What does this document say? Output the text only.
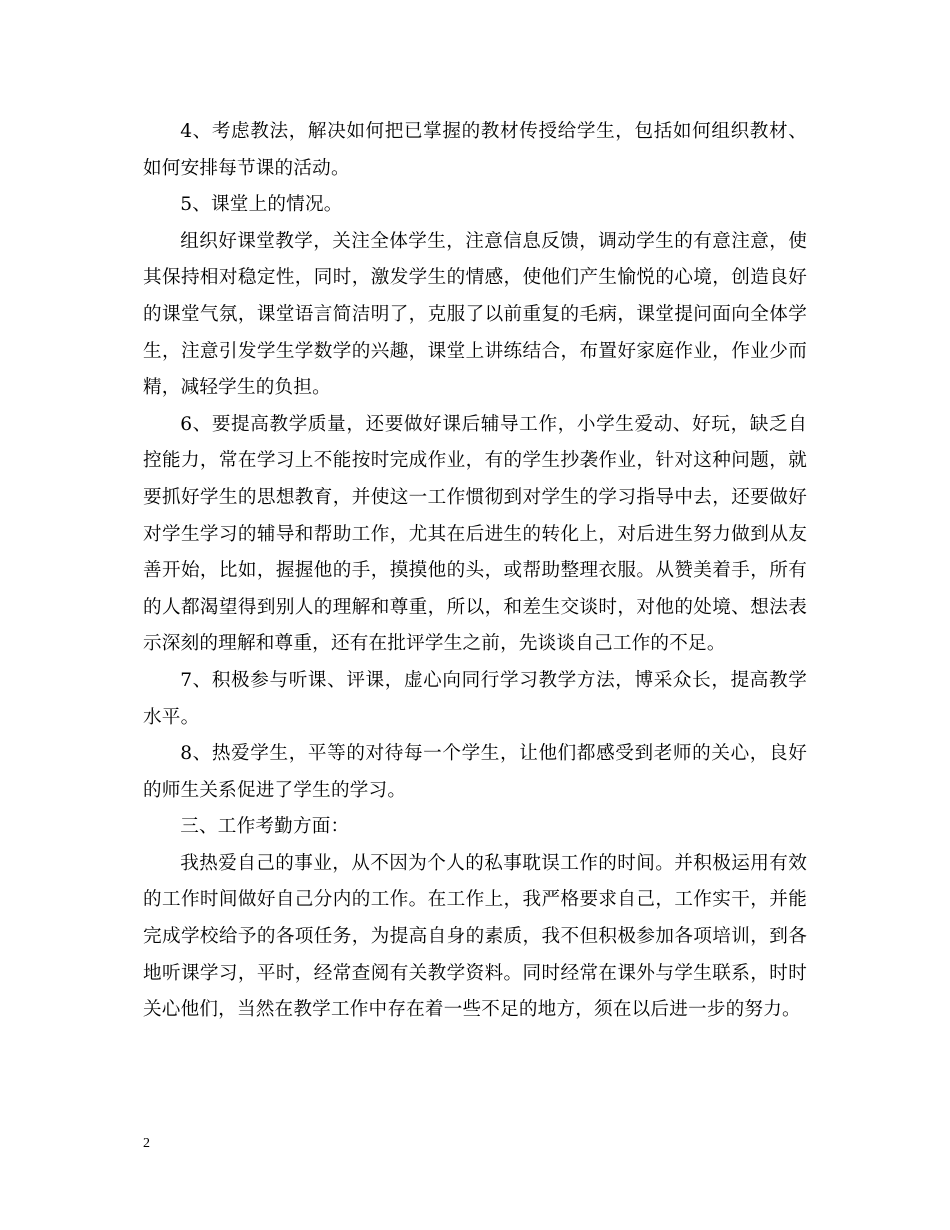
4、考虑教法，解决如何把已掌握的教材传授给学生，包括如何组织教材、如何安排每节课的活动。

5、课堂上的情况。

组织好课堂教学，关注全体学生，注意信息反馈，调动学生的有意注意，使其保持相对稳定性，同时，激发学生的情感，使他们产生愉悦的心境，创造良好的课堂气氛，课堂语言简洁明了，克服了以前重复的毛病，课堂提问面向全体学生，注意引发学生学数学的兴趣，课堂上讲练结合，布置好家庭作业，作业少而精，减轻学生的负担。

6、要提高教学质量，还要做好课后辅导工作，小学生爱动、好玩，缺乏自控能力，常在学习上不能按时完成作业，有的学生抄袭作业，针对这种问题，就要抓好学生的思想教育，并使这一工作惯彻到对学生的学习指导中去，还要做好对学生学习的辅导和帮助工作，尤其在后进生的转化上，对后进生努力做到从友善开始，比如，握握他的手，摸摸他的头，或帮助整理衣服。从赞美着手，所有的人都渴望得到别人的理解和尊重，所以，和差生交谈时，对他的处境、想法表示深刻的理解和尊重，还有在批评学生之前，先谈谈自己工作的不足。

7、积极参与听课、评课，虚心向同行学习教学方法，博采众长，提高教学水平。

8、热爱学生，平等的对待每一个学生，让他们都感受到老师的关心，良好的师生关系促进了学生的学习。

三、工作考勤方面：

我热爱自己的事业，从不因为个人的私事耽误工作的时间。并积极运用有效的工作时间做好自己分内的工作。在工作上，我严格要求自己，工作实干，并能完成学校给予的各项任务，为提高自身的素质，我不但积极参加各项培训，到各地听课学习，平时，经常查阅有关教学资料。同时经常在课外与学生联系，时时关心他们，当然在教学工作中存在着一些不足的地方，须在以后进一步的努力。

2
